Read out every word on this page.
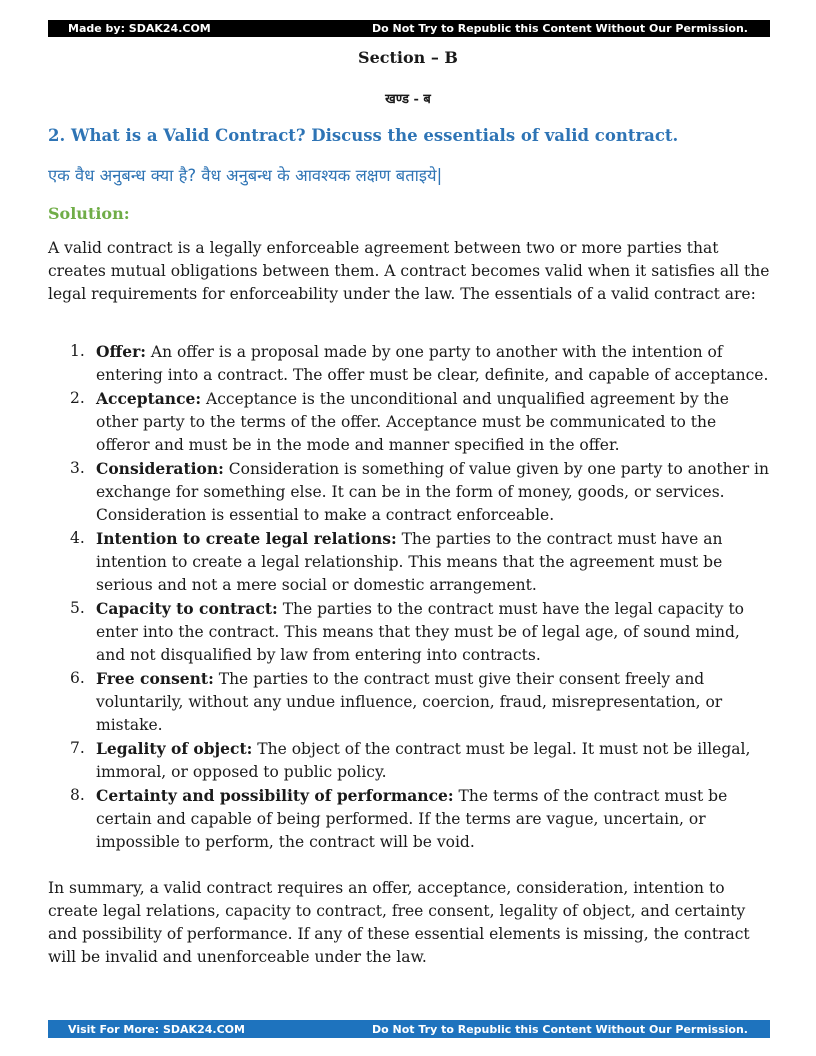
Made by: SDAK24.COM	Do Not Try to Republic this Content Without Our Permission.
Section – B
खण्ड - ब
2. What is a Valid Contract? Discuss the essentials of valid contract.
एक वैध अनुबन्ध क्या है? वैध अनुबन्ध के आवश्यक लक्षण बताइये|
Solution:

A valid contract is a legally enforceable agreement between two or more parties that creates mutual obligations between them. A contract becomes valid when it satisfies all the legal requirements for enforceability under the law. The essentials of a valid contract are:

1. Offer: An offer is a proposal made by one party to another with the intention of entering into a contract. The offer must be clear, definite, and capable of acceptance.
2. Acceptance: Acceptance is the unconditional and unqualified agreement by the other party to the terms of the offer. Acceptance must be communicated to the offeror and must be in the mode and manner specified in the offer.
3. Consideration: Consideration is something of value given by one party to another in exchange for something else. It can be in the form of money, goods, or services. Consideration is essential to make a contract enforceable.
4. Intention to create legal relations: The parties to the contract must have an intention to create a legal relationship. This means that the agreement must be serious and not a mere social or domestic arrangement.
5. Capacity to contract: The parties to the contract must have the legal capacity to enter into the contract. This means that they must be of legal age, of sound mind, and not disqualified by law from entering into contracts.
6. Free consent: The parties to the contract must give their consent freely and voluntarily, without any undue influence, coercion, fraud, misrepresentation, or mistake.
7. Legality of object: The object of the contract must be legal. It must not be illegal, immoral, or opposed to public policy.
8. Certainty and possibility of performance: The terms of the contract must be certain and capable of being performed. If the terms are vague, uncertain, or impossible to perform, the contract will be void.

In summary, a valid contract requires an offer, acceptance, consideration, intention to create legal relations, capacity to contract, free consent, legality of object, and certainty and possibility of performance. If any of these essential elements is missing, the contract will be invalid and unenforceable under the law.

Visit For More: SDAK24.COM	Do Not Try to Republic this Content Without Our Permission.
